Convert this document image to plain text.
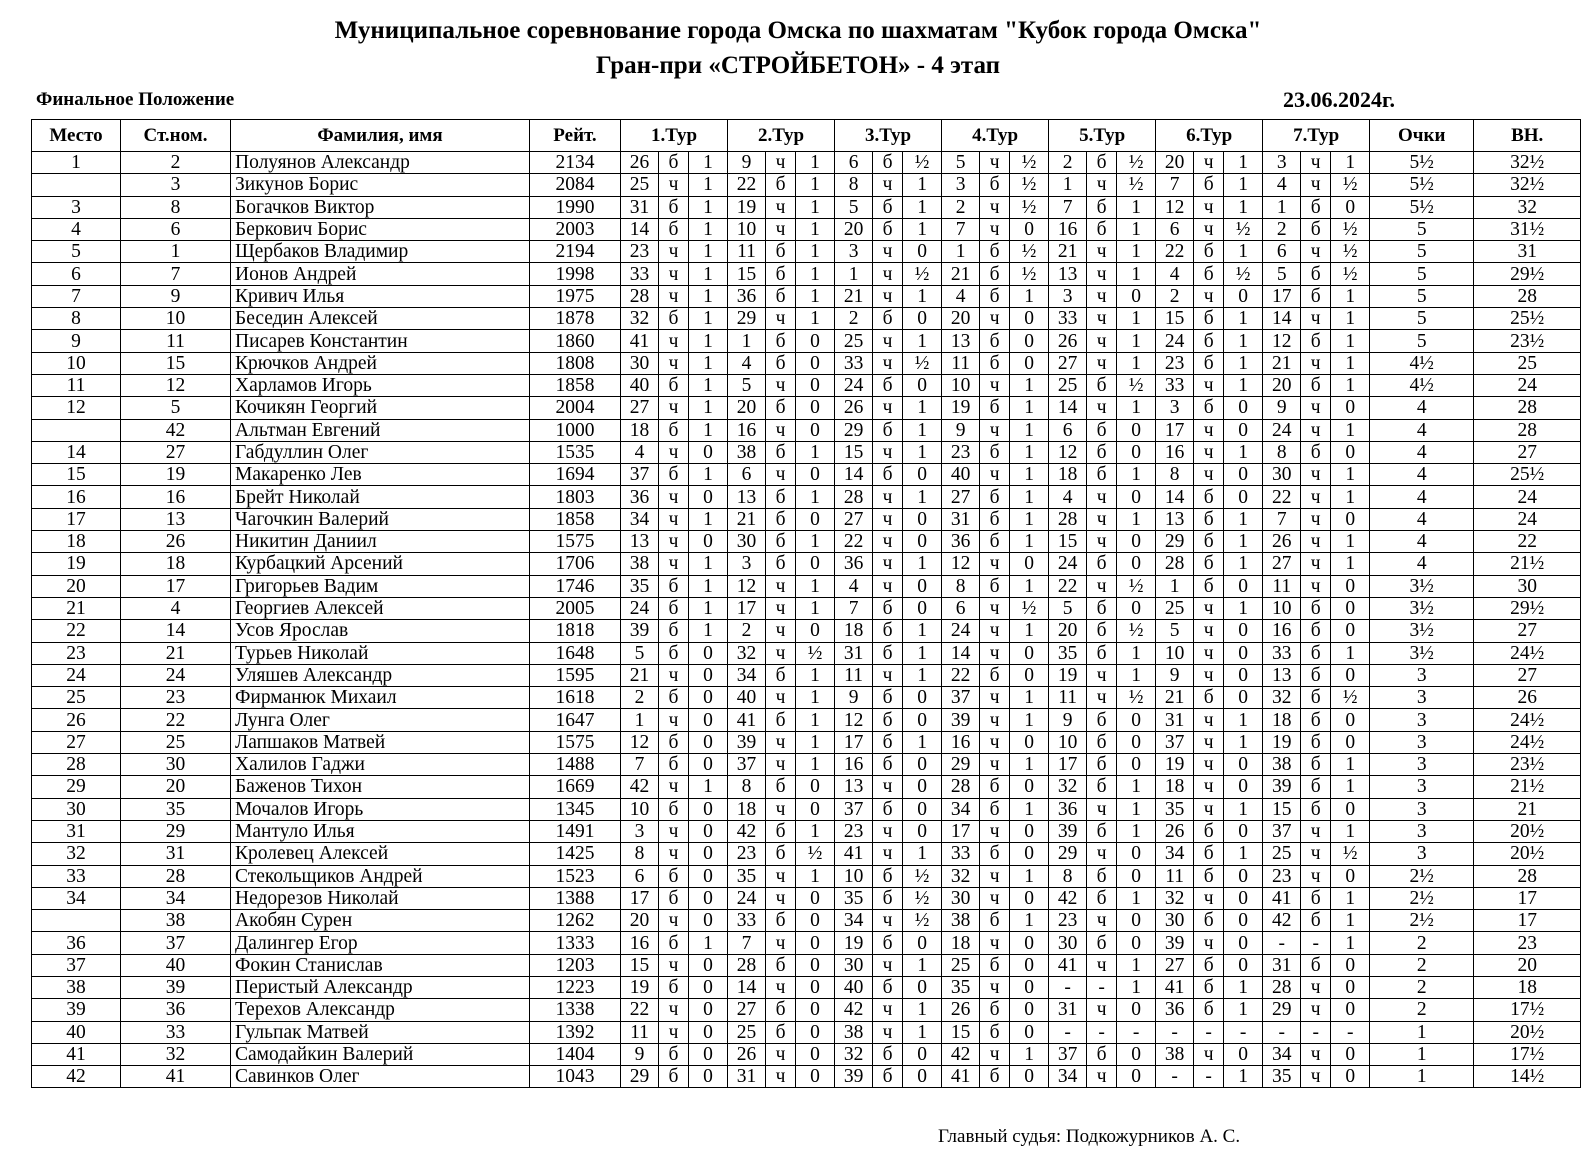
Муниципальное соревнование города Омска по шахматам "Кубок города Омска"
Гран-при «СТРОЙБЕТОН» - 4 этап
Финальное Положение	23.06.2024г.
Место	Ст.ном.	Фамилия, имя	Рейт.	1.Тур			2.Тур			3.Тур			4.Тур			5.Тур			6.Тур			7.Тур			Очки	ВН.
1	2	Полуянов Александр	2134	26	б	1	9	ч	1	6	б	½	5	ч	½	2	б	½	20	ч	1	3	ч	1	5½	32½
	3	Зикунов Борис	2084	25	ч	1	22	б	1	8	ч	1	3	б	½	1	ч	½	7	б	1	4	ч	½	5½	32½
3	8	Богачков Виктор	1990	31	б	1	19	ч	1	5	б	1	2	ч	½	7	б	1	12	ч	1	1	б	0	5½	32
4	6	Беркович Борис	2003	14	б	1	10	ч	1	20	б	1	7	ч	0	16	б	1	6	ч	½	2	б	½	5	31½
5	1	Щербаков Владимир	2194	23	ч	1	11	б	1	3	ч	0	1	б	½	21	ч	1	22	б	1	6	ч	½	5	31
6	7	Ионов Андрей	1998	33	ч	1	15	б	1	1	ч	½	21	б	½	13	ч	1	4	б	½	5	б	½	5	29½
7	9	Кривич Илья	1975	28	ч	1	36	б	1	21	ч	1	4	б	1	3	ч	0	2	ч	0	17	б	1	5	28
8	10	Беседин Алексей	1878	32	б	1	29	ч	1	2	б	0	20	ч	0	33	ч	1	15	б	1	14	ч	1	5	25½
9	11	Писарев Константин	1860	41	ч	1	1	б	0	25	ч	1	13	б	0	26	ч	1	24	б	1	12	б	1	5	23½
10	15	Крючков Андрей	1808	30	ч	1	4	б	0	33	ч	½	11	б	0	27	ч	1	23	б	1	21	ч	1	4½	25
11	12	Харламов Игорь	1858	40	б	1	5	ч	0	24	б	0	10	ч	1	25	б	½	33	ч	1	20	б	1	4½	24
12	5	Кочикян Георгий	2004	27	ч	1	20	б	0	26	ч	1	19	б	1	14	ч	1	3	б	0	9	ч	0	4	28
	42	Альтман Евгений	1000	18	б	1	16	ч	0	29	б	1	9	ч	1	6	б	0	17	ч	0	24	ч	1	4	28
14	27	Габдуллин Олег	1535	4	ч	0	38	б	1	15	ч	1	23	б	1	12	б	0	16	ч	1	8	б	0	4	27
15	19	Макаренко Лев	1694	37	б	1	6	ч	0	14	б	0	40	ч	1	18	б	1	8	ч	0	30	ч	1	4	25½
16	16	Брейт Николай	1803	36	ч	0	13	б	1	28	ч	1	27	б	1	4	ч	0	14	б	0	22	ч	1	4	24
17	13	Чагочкин Валерий	1858	34	ч	1	21	б	0	27	ч	0	31	б	1	28	ч	1	13	б	1	7	ч	0	4	24
18	26	Никитин Даниил	1575	13	ч	0	30	б	1	22	ч	0	36	б	1	15	ч	0	29	б	1	26	ч	1	4	22
19	18	Курбацкий Арсений	1706	38	ч	1	3	б	0	36	ч	1	12	ч	0	24	б	0	28	б	1	27	ч	1	4	21½
20	17	Григорьев Вадим	1746	35	б	1	12	ч	1	4	ч	0	8	б	1	22	ч	½	1	б	0	11	ч	0	3½	30
21	4	Георгиев Алексей	2005	24	б	1	17	ч	1	7	б	0	6	ч	½	5	б	0	25	ч	1	10	б	0	3½	29½
22	14	Усов Ярослав	1818	39	б	1	2	ч	0	18	б	1	24	ч	1	20	б	½	5	ч	0	16	б	0	3½	27
23	21	Турьев Николай	1648	5	б	0	32	ч	½	31	б	1	14	ч	0	35	б	1	10	ч	0	33	б	1	3½	24½
24	24	Уляшев Александр	1595	21	ч	0	34	б	1	11	ч	1	22	б	0	19	ч	1	9	ч	0	13	б	0	3	27
25	23	Фирманюк Михаил	1618	2	б	0	40	ч	1	9	б	0	37	ч	1	11	ч	½	21	б	0	32	б	½	3	26
26	22	Лунга Олег	1647	1	ч	0	41	б	1	12	б	0	39	ч	1	9	б	0	31	ч	1	18	б	0	3	24½
27	25	Лапшаков Матвей	1575	12	б	0	39	ч	1	17	б	1	16	ч	0	10	б	0	37	ч	1	19	б	0	3	24½
28	30	Халилов Гаджи	1488	7	б	0	37	ч	1	16	б	0	29	ч	1	17	б	0	19	ч	0	38	б	1	3	23½
29	20	Баженов Тихон	1669	42	ч	1	8	б	0	13	ч	0	28	б	0	32	б	1	18	ч	0	39	б	1	3	21½
30	35	Мочалов Игорь	1345	10	б	0	18	ч	0	37	б	0	34	б	1	36	ч	1	35	ч	1	15	б	0	3	21
31	29	Мантуло Илья	1491	3	ч	0	42	б	1	23	ч	0	17	ч	0	39	б	1	26	б	0	37	ч	1	3	20½
32	31	Кролевец Алексей	1425	8	ч	0	23	б	½	41	ч	1	33	б	0	29	ч	0	34	б	1	25	ч	½	3	20½
33	28	Стекольщиков Андрей	1523	6	б	0	35	ч	1	10	б	½	32	ч	1	8	б	0	11	б	0	23	ч	0	2½	28
34	34	Недорезов Николай	1388	17	б	0	24	ч	0	35	б	½	30	ч	0	42	б	1	32	ч	0	41	б	1	2½	17
	38	Акобян Сурен	1262	20	ч	0	33	б	0	34	ч	½	38	б	1	23	ч	0	30	б	0	42	б	1	2½	17
36	37	Далингер Егор	1333	16	б	1	7	ч	0	19	б	0	18	ч	0	30	б	0	39	ч	0	-	-	1	2	23
37	40	Фокин Станислав	1203	15	ч	0	28	б	0	30	ч	1	25	б	0	41	ч	1	27	б	0	31	б	0	2	20
38	39	Перистый Александр	1223	19	б	0	14	ч	0	40	б	0	35	ч	0	-	-	1	41	б	1	28	ч	0	2	18
39	36	Терехов Александр	1338	22	ч	0	27	б	0	42	ч	1	26	б	0	31	ч	0	36	б	1	29	ч	0	2	17½
40	33	Гульпак Матвей	1392	11	ч	0	25	б	0	38	ч	1	15	б	0	-	-	-	-	-	-	-	-	-	1	20½
41	32	Самодайкин Валерий	1404	9	б	0	26	ч	0	32	б	0	42	ч	1	37	б	0	38	ч	0	34	ч	0	1	17½
42	41	Савинков Олег	1043	29	б	0	31	ч	0	39	б	0	41	б	0	34	ч	0	-	-	1	35	ч	0	1	14½
Главный судья: Подкожурников А. С.
